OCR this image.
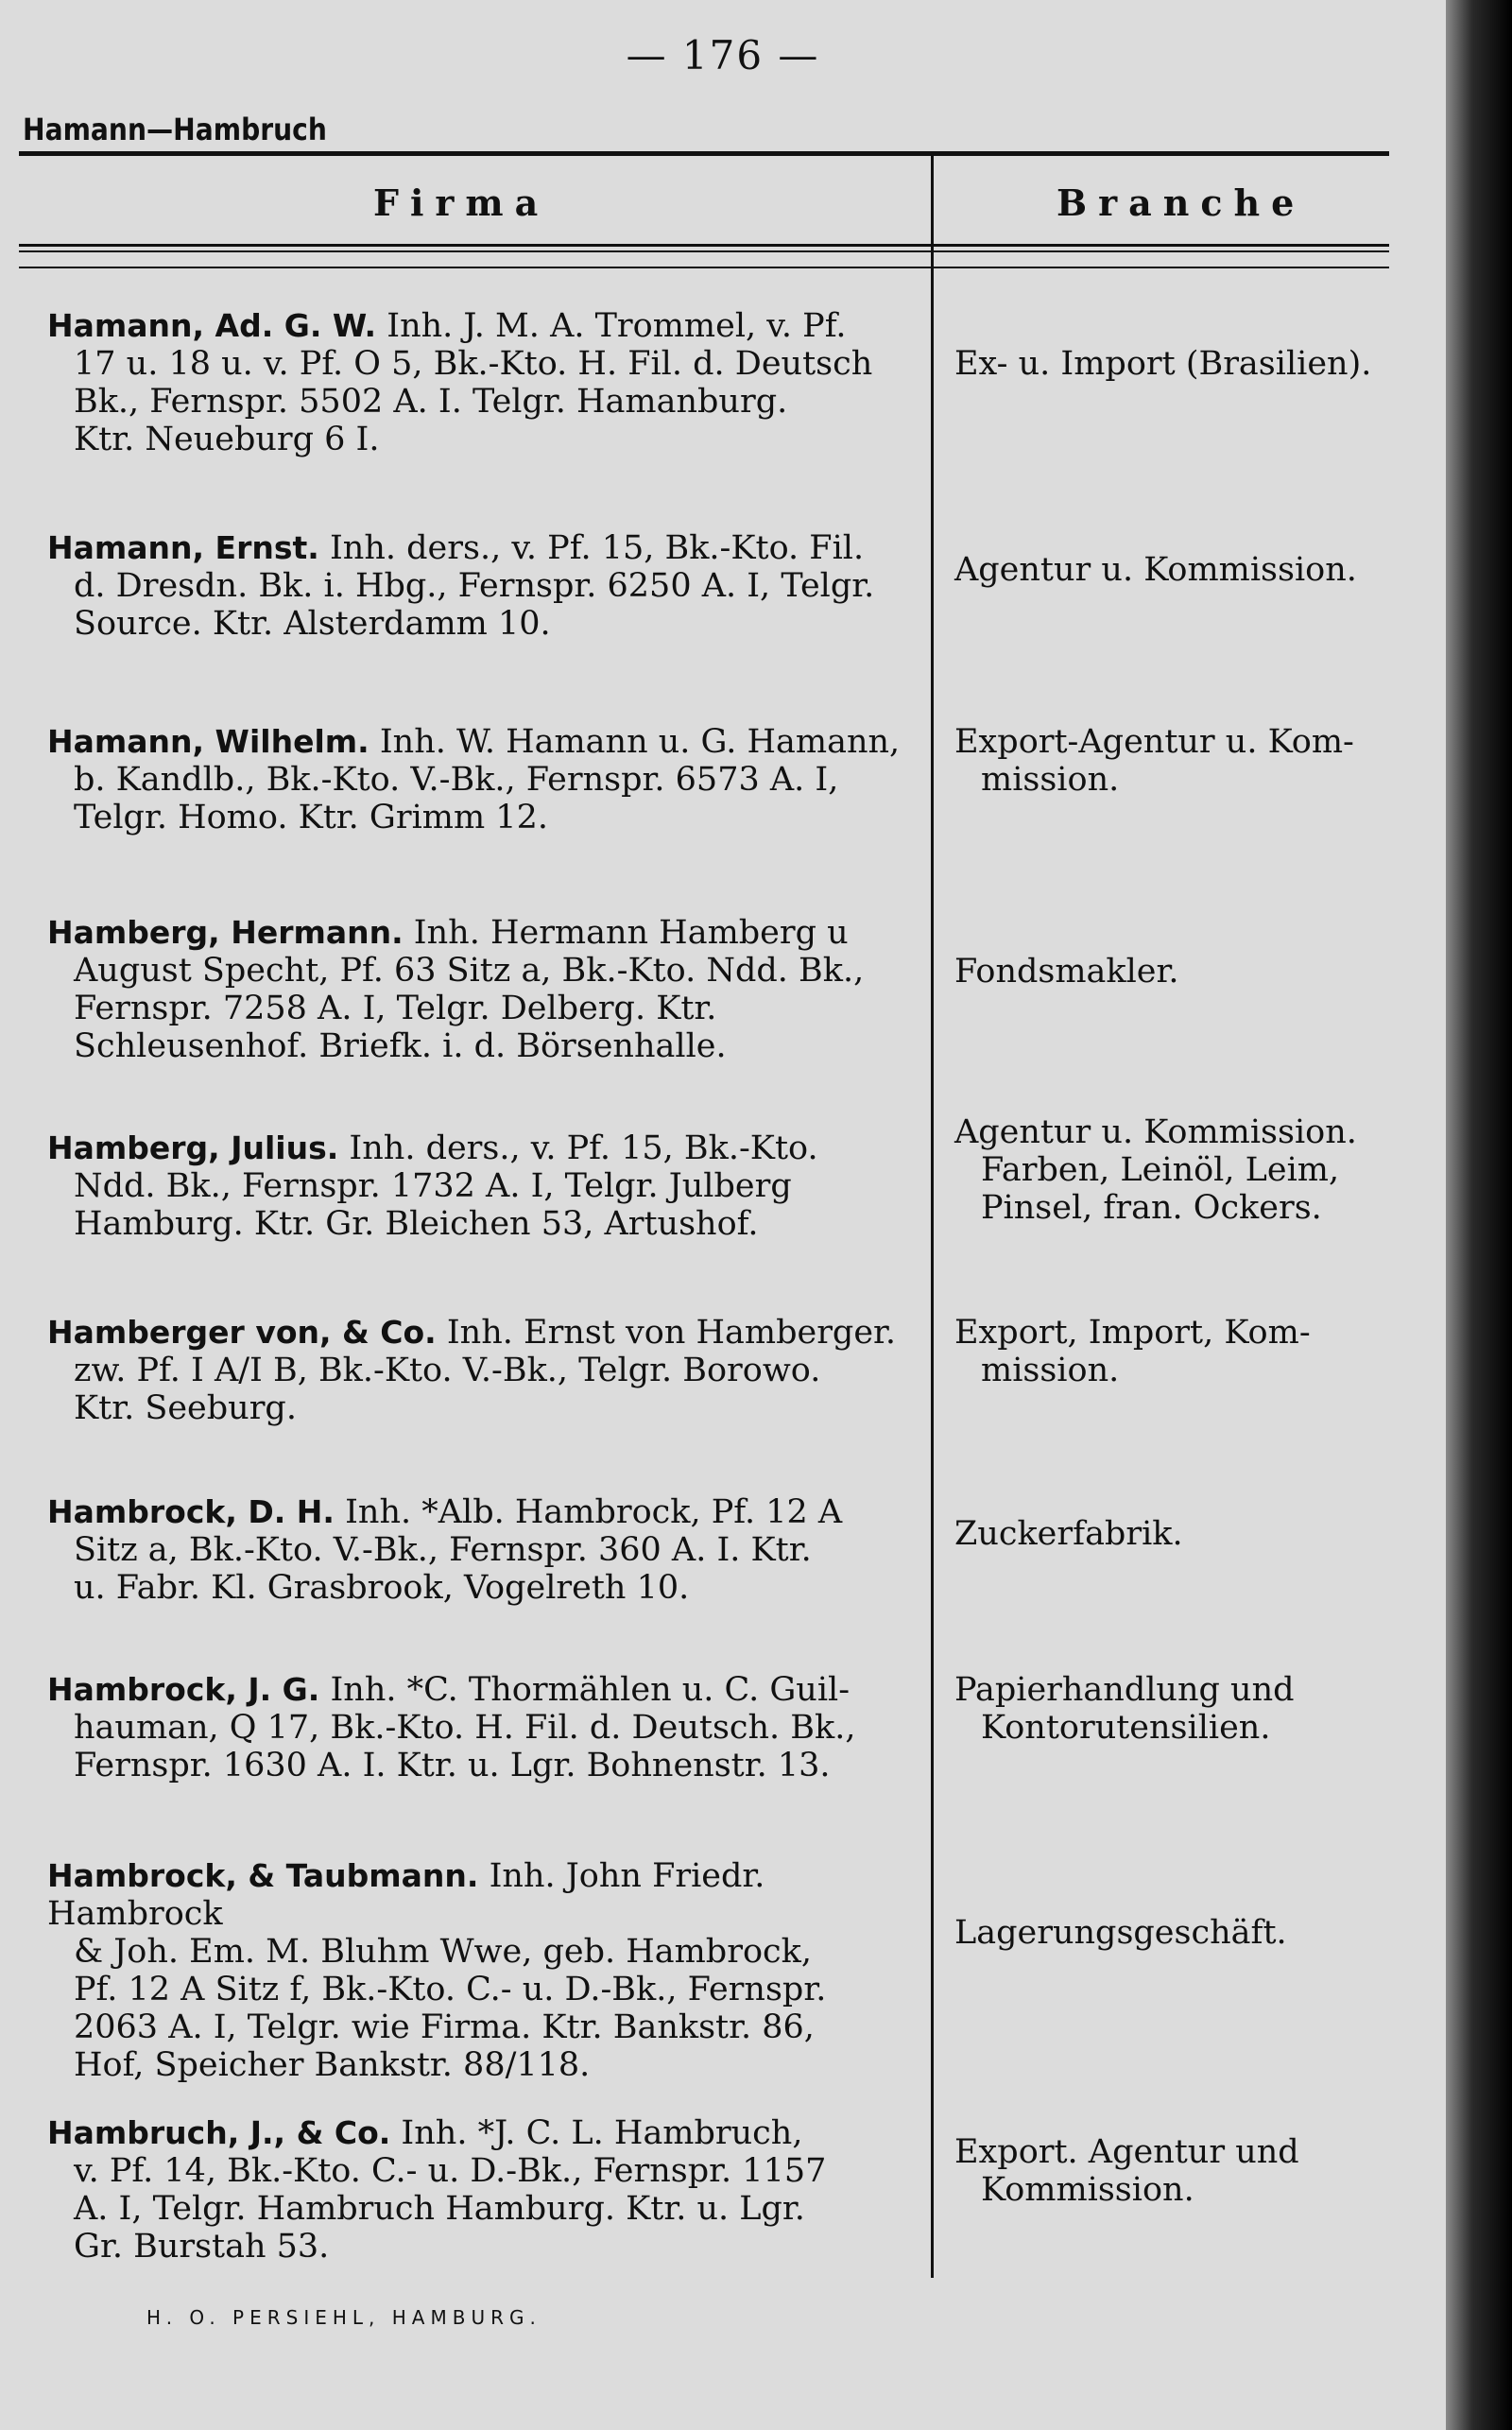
— 176 —
Hamann—Hambruch
Firma	Branche
Hamann, Ad. G. W. Inh. J. M. A. Trommel, v. Pf.
17 u. 18 u. v. Pf. O 5, Bk.-Kto. H. Fil. d. Deutsch
Bk., Fernspr. 5502 A. I. Telgr. Hamanburg.
Ktr. Neueburg 6 I.
Ex- u. Import (Brasilien).
Hamann, Ernst. Inh. ders., v. Pf. 15, Bk.-Kto. Fil.
d. Dresdn. Bk. i. Hbg., Fernspr. 6250 A. I, Telgr.
Source. Ktr. Alsterdamm 10.
Agentur u. Kommission.
Hamann, Wilhelm. Inh. W. Hamann u. G. Hamann,
b. Kandlb., Bk.-Kto. V.-Bk., Fernspr. 6573 A. I,
Telgr. Homo. Ktr. Grimm 12.
Export-Agentur u. Kom-
mission.
Hamberg, Hermann. Inh. Hermann Hamberg u
August Specht, Pf. 63 Sitz a, Bk.-Kto. Ndd. Bk.,
Fernspr. 7258 A. I, Telgr. Delberg. Ktr.
Schleusenhof. Briefk. i. d. Börsenhalle.
Fondsmakler.
Hamberg, Julius. Inh. ders., v. Pf. 15, Bk.-Kto.
Ndd. Bk., Fernspr. 1732 A. I, Telgr. Julberg
Hamburg. Ktr. Gr. Bleichen 53, Artushof.
Agentur u. Kommission.
Farben, Leinöl, Leim,
Pinsel, fran. Ockers.
Hamberger von, & Co. Inh. Ernst von Hamberger.
zw. Pf. I A/I B, Bk.-Kto. V.-Bk., Telgr. Borowo.
Ktr. Seeburg.
Export, Import, Kom-
mission.
Hambrock, D. H. Inh. *Alb. Hambrock, Pf. 12 A
Sitz a, Bk.-Kto. V.-Bk., Fernspr. 360 A. I. Ktr.
u. Fabr. Kl. Grasbrook, Vogelreth 10.
Zuckerfabrik.
Hambrock, J. G. Inh. *C. Thormählen u. C. Guil-
hauman, Q 17, Bk.-Kto. H. Fil. d. Deutsch. Bk.,
Fernspr. 1630 A. I. Ktr. u. Lgr. Bohnenstr. 13.
Papierhandlung und
Kontorutensilien.
Hambrock, & Taubmann. Inh. John Friedr. Hambrock
& Joh. Em. M. Bluhm Wwe, geb. Hambrock,
Pf. 12 A Sitz f, Bk.-Kto. C.- u. D.-Bk., Fernspr.
2063 A. I, Telgr. wie Firma. Ktr. Bankstr. 86,
Hof, Speicher Bankstr. 88/118.
Lagerungsgeschäft.
Hambruch, J., & Co. Inh. *J. C. L. Hambruch,
v. Pf. 14, Bk.-Kto. C.- u. D.-Bk., Fernspr. 1157
A. I, Telgr. Hambruch Hamburg. Ktr. u. Lgr.
Gr. Burstah 53.
Export. Agentur und
Kommission.
H. O. PERSIEHL, HAMBURG.
